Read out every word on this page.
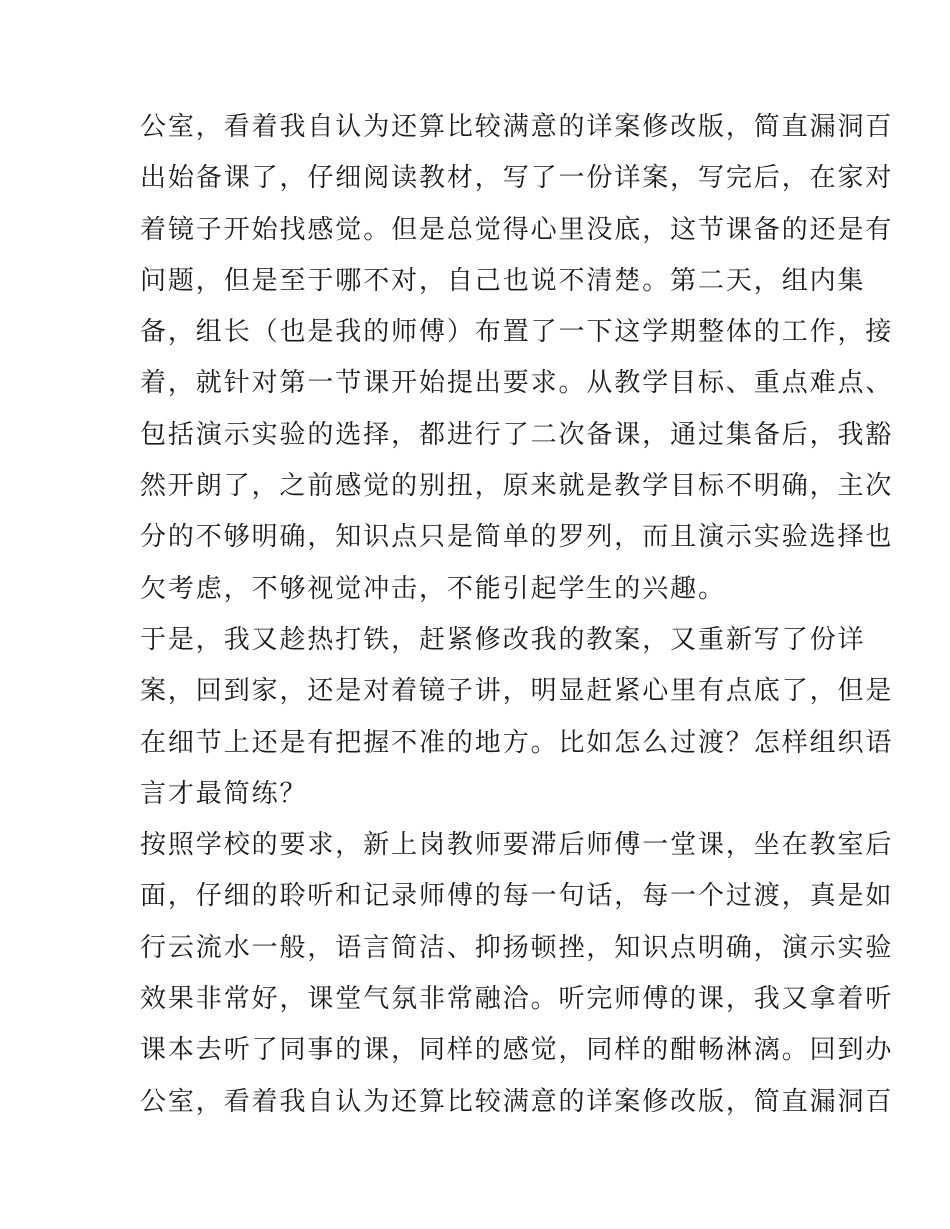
公室，看着我自认为还算比较满意的详案修改版，简直漏洞百
出始备课了，仔细阅读教材，写了一份详案，写完后，在家对
着镜子开始找感觉。但是总觉得心里没底，这节课备的还是有
问题，但是至于哪不对，自己也说不清楚。第二天，组内集
备，组长（也是我的师傅）布置了一下这学期整体的工作，接
着，就针对第一节课开始提出要求。从教学目标、重点难点、
包括演示实验的选择，都进行了二次备课，通过集备后，我豁
然开朗了，之前感觉的别扭，原来就是教学目标不明确，主次
分的不够明确，知识点只是简单的罗列，而且演示实验选择也
欠考虑，不够视觉冲击，不能引起学生的兴趣。
于是，我又趁热打铁，赶紧修改我的教案，又重新写了份详
案，回到家，还是对着镜子讲，明显赶紧心里有点底了，但是
在细节上还是有把握不准的地方。比如怎么过渡？怎样组织语
言才最简练？
按照学校的要求，新上岗教师要滞后师傅一堂课，坐在教室后
面，仔细的聆听和记录师傅的每一句话，每一个过渡，真是如
行云流水一般，语言简洁、抑扬顿挫，知识点明确，演示实验
效果非常好，课堂气氛非常融洽。听完师傅的课，我又拿着听
课本去听了同事的课，同样的感觉，同样的酣畅淋漓。回到办
公室，看着我自认为还算比较满意的详案修改版，简直漏洞百
